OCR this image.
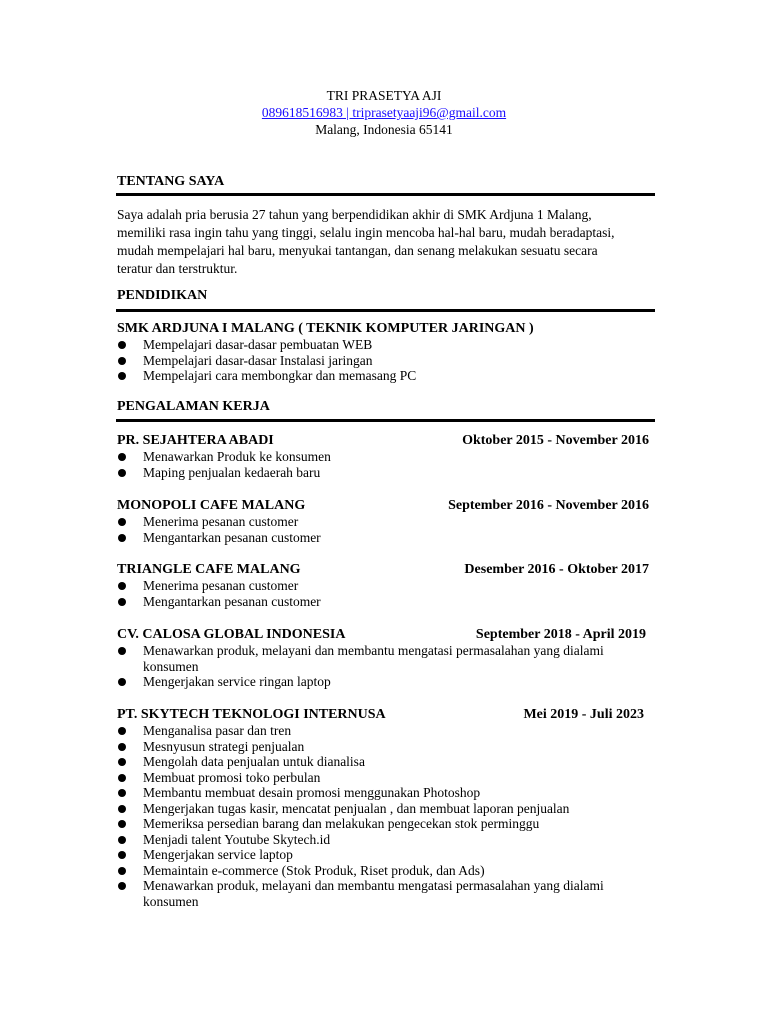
TRI PRASETYA AJI
089618516983 | triprasetyaaji96@gmail.com
Malang, Indonesia 65141
TENTANG SAYA
Saya adalah pria berusia 27 tahun yang berpendidikan akhir di SMK Ardjuna 1 Malang, memiliki rasa ingin tahu yang tinggi, selalu ingin mencoba hal-hal baru, mudah beradaptasi, mudah mempelajari hal baru, menyukai tantangan, dan senang melakukan sesuatu secara teratur dan terstruktur.
PENDIDIKAN
SMK ARDJUNA I MALANG ( TEKNIK KOMPUTER JARINGAN )
Mempelajari dasar-dasar pembuatan WEB
Mempelajari dasar-dasar Instalasi jaringan
Mempelajari cara membongkar dan memasang PC
PENGALAMAN KERJA
PR. SEJAHTERA ABADI	Oktober 2015 - November 2016
Menawarkan Produk ke konsumen
Maping penjualan kedaerah baru
MONOPOLI CAFE MALANG	September 2016 - November 2016
Menerima pesanan customer
Mengantarkan pesanan customer
TRIANGLE CAFE MALANG	Desember 2016 - Oktober 2017
Menerima pesanan customer
Mengantarkan pesanan customer
CV. CALOSA GLOBAL INDONESIA	September 2018 - April 2019
Menawarkan produk, melayani dan membantu mengatasi permasalahan yang dialami konsumen
Mengerjakan service ringan laptop
PT. SKYTECH TEKNOLOGI INTERNUSA	Mei 2019 - Juli 2023
Menganalisa pasar dan tren
Mesnyusun strategi penjualan
Mengolah data penjualan untuk dianalisa
Membuat promosi toko perbulan
Membantu membuat desain promosi menggunakan Photoshop
Mengerjakan tugas kasir, mencatat penjualan , dan membuat laporan penjualan
Memeriksa persedian barang dan melakukan pengecekan stok perminggu
Menjadi talent Youtube Skytech.id
Mengerjakan service laptop
Memaintain e-commerce (Stok Produk, Riset produk, dan Ads)
Menawarkan produk, melayani dan membantu mengatasi permasalahan yang dialami konsumen
